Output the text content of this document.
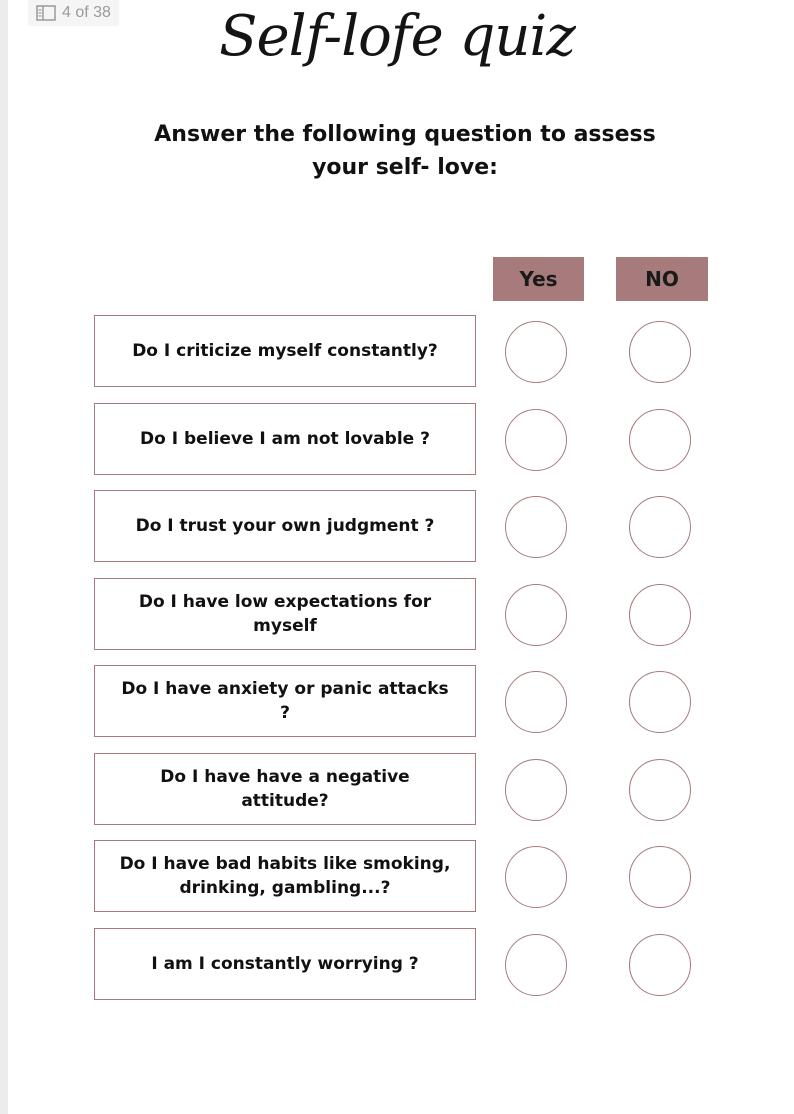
4 of 38	Self-lofe quiz
Answer the following question to assess your self- love:
Yes	NO
Do I criticize myself constantly?
Do I believe I am not lovable ?
Do I trust your own judgment ?
Do I have low expectations for myself
Do I have anxiety or panic attacks ?
Do I have have a negative attitude?
Do I have bad habits like smoking, drinking, gambling...?
I am I constantly worrying ?
